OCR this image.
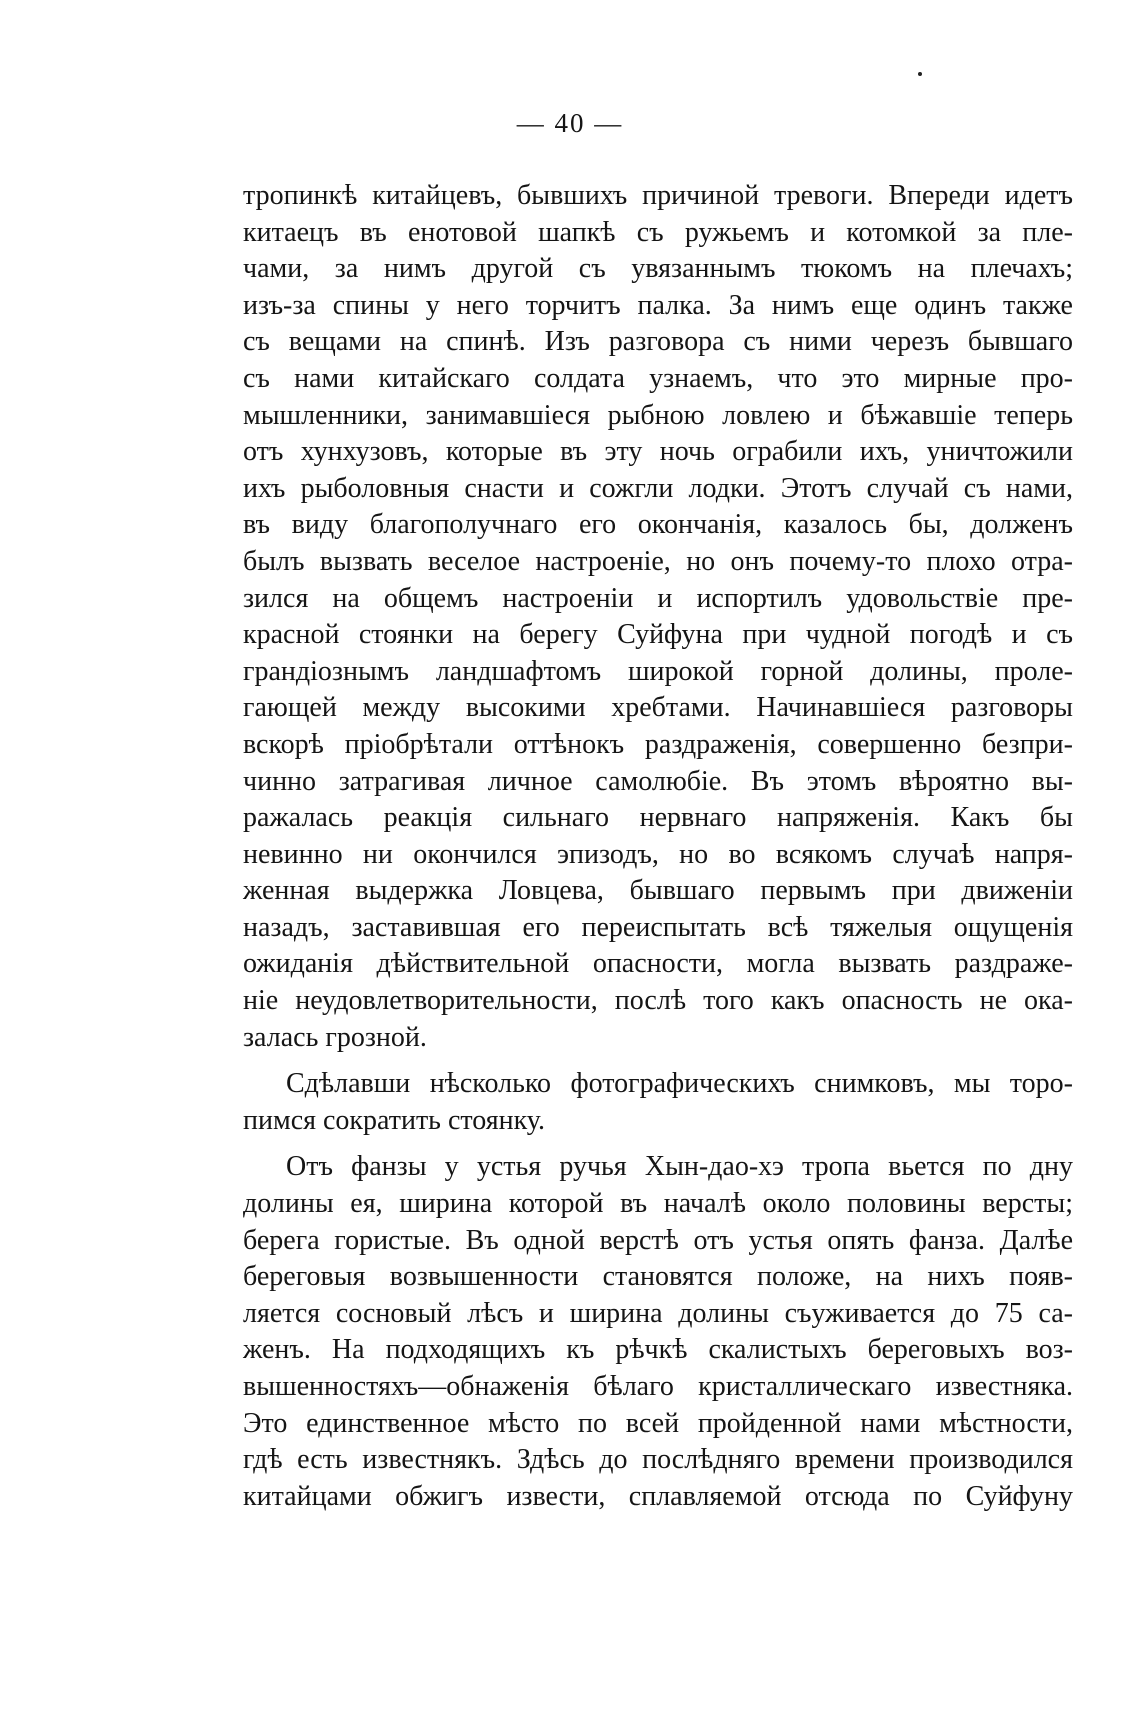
— 40 —
тропинкѣ китайцевъ, бывшихъ причиной тревоги. Впереди идетъ
китаецъ въ енотовой шапкѣ съ ружьемъ и котомкой за пле-
чами, за нимъ другой съ увязаннымъ тюкомъ на плечахъ;
изъ-за спины у него торчитъ палка. За нимъ еще одинъ также
съ вещами на спинѣ. Изъ разговора съ ними черезъ бывшаго
съ нами китайскаго солдата узнаемъ, что это мирные про-
мышленники, занимавшіеся рыбною ловлею и бѣжавшіе теперь
отъ хунхузовъ, которые въ эту ночь ограбили ихъ, уничтожили
ихъ рыболовныя снасти и сожгли лодки. Этотъ случай съ нами,
въ виду благополучнаго его окончанія, казалось бы, долженъ
былъ вызвать веселое настроеніе, но онъ почему-то плохо отра-
зился на общемъ настроеніи и испортилъ удовольствіе пре-
красной стоянки на берегу Суйфуна при чудной погодѣ и съ
грандіознымъ ландшафтомъ широкой горной долины, проле-
гающей между высокими хребтами. Начинавшіеся разговоры
вскорѣ пріобрѣтали оттѣнокъ раздраженія, совершенно безпри-
чинно затрагивая личное самолюбіе. Въ этомъ вѣроятно вы-
ражалась реакція сильнаго нервнаго напряженія. Какъ бы
невинно ни окончился эпизодъ, но во всякомъ случаѣ напря-
женная выдержка Ловцева, бывшаго первымъ при движеніи
назадъ, заставившая его переиспытать всѣ тяжелыя ощущенія
ожиданія дѣйствительной опасности, могла вызвать раздраже-
ніе неудовлетворительности, послѣ того какъ опасность не ока-
залась грозной.
Сдѣлавши нѣсколько фотографическихъ снимковъ, мы торо-
пимся сократить стоянку.
Отъ фанзы у устья ручья Хын-дао-хэ тропа вьется по дну
долины ея, ширина которой въ началѣ около половины версты;
берега гористые. Въ одной верстѣ отъ устья опять фанза. Далѣе
береговыя возвышенности становятся положе, на нихъ появ-
ляется сосновый лѣсъ и ширина долины съуживается до 75 са-
женъ. На подходящихъ къ рѣчкѣ скалистыхъ береговыхъ воз-
вышенностяхъ—обнаженія бѣлаго кристаллическаго известняка.
Это единственное мѣсто по всей пройденной нами мѣстности,
гдѣ есть известнякъ. Здѣсь до послѣдняго времени производился
китайцами обжигъ извести, сплавляемой отсюда по Суйфуну
